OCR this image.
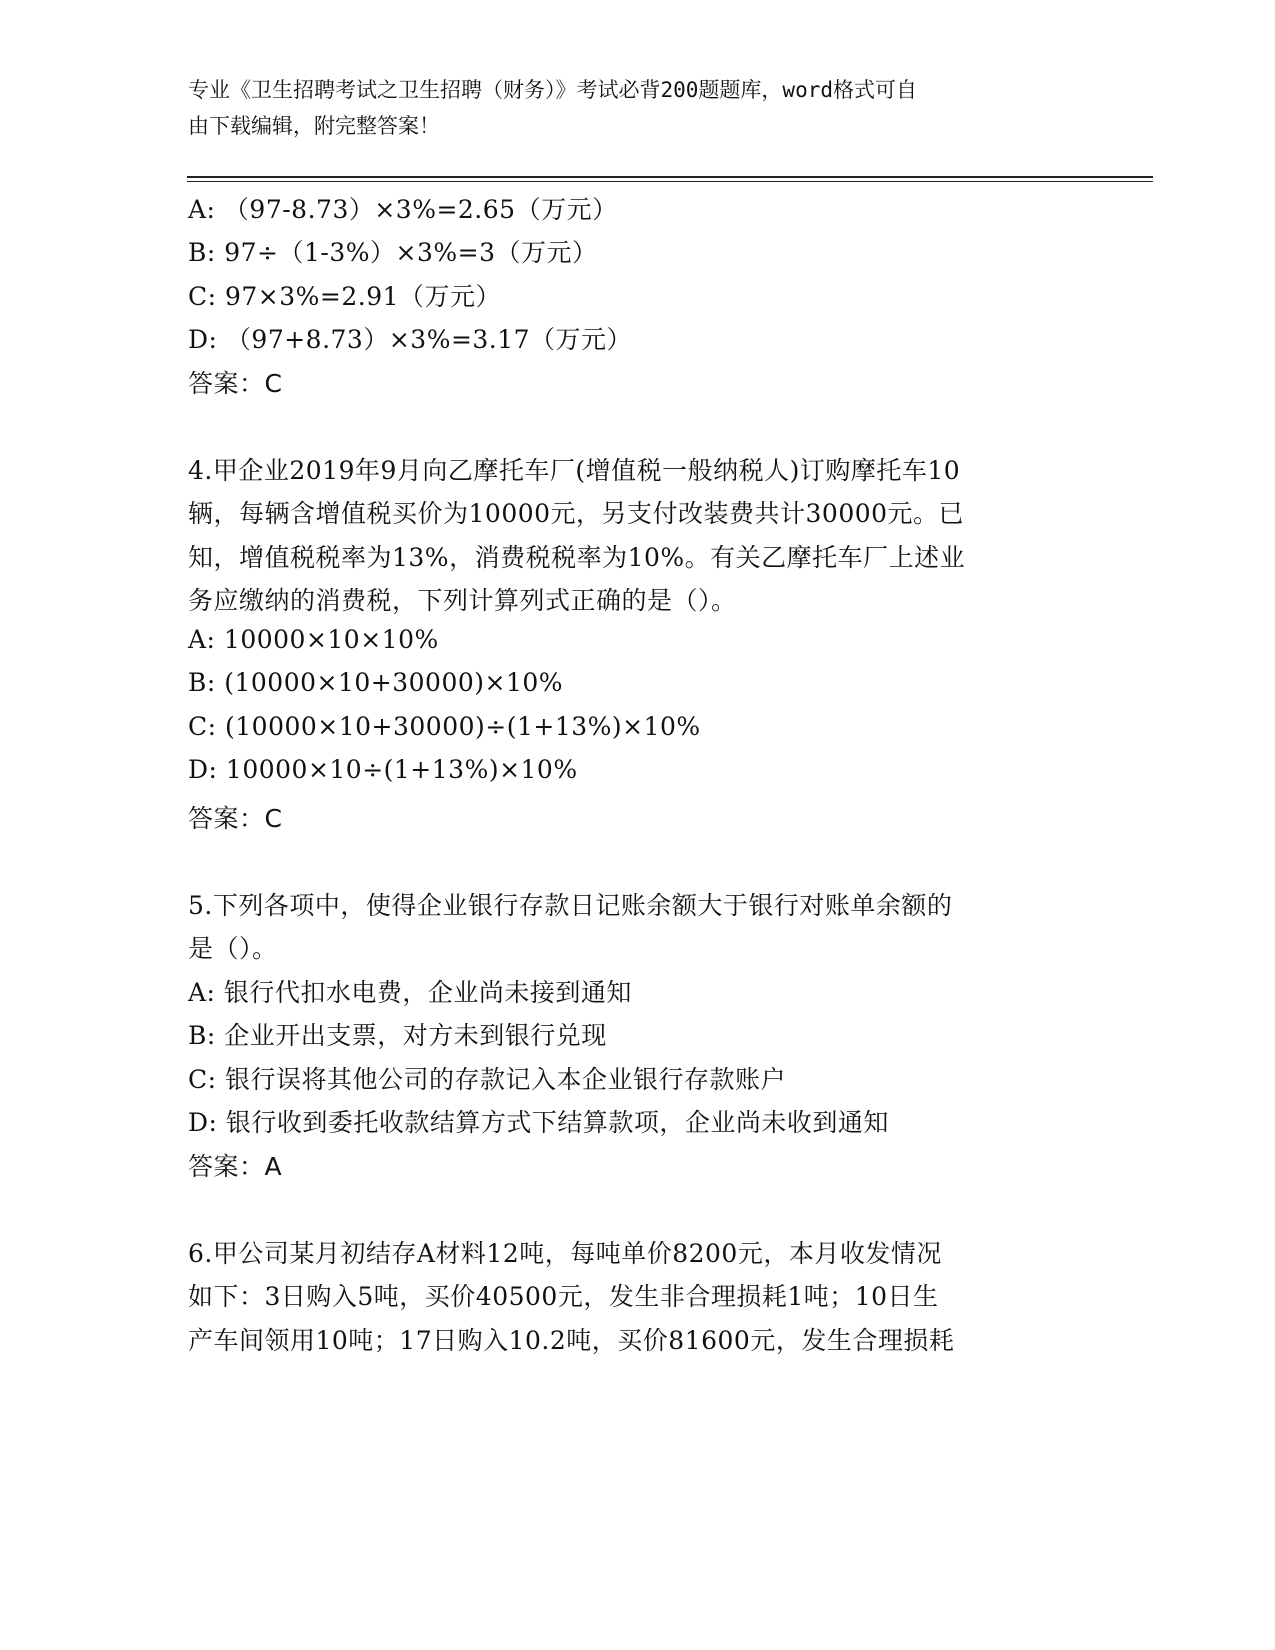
专业《卫生招聘考试之卫生招聘（财务）》考试必背200题题库，word格式可自
由下载编辑，附完整答案！
A: （97-8.73）×3%=2.65（万元）
B: 97÷（1-3%）×3%=3（万元）
C: 97×3%=2.91（万元）
D: （97+8.73）×3%=3.17（万元）
答案：C
4.甲企业2019年9月向乙摩托车厂(增值税一般纳税人)订购摩托车10
辆，每辆含增值税买价为10000元，另支付改装费共计30000元。已
知，增值税税率为13%，消费税税率为10%。有关乙摩托车厂上述业
务应缴纳的消费税，下列计算列式正确的是（）。
A: 10000×10×10%
B: (10000×10+30000)×10%
C: (10000×10+30000)÷(1+13%)×10%
D: 10000×10÷(1+13%)×10%
答案：C
5.下列各项中，使得企业银行存款日记账余额大于银行对账单余额的
是（）。
A: 银行代扣水电费，企业尚未接到通知
B: 企业开出支票，对方未到银行兑现
C: 银行误将其他公司的存款记入本企业银行存款账户
D: 银行收到委托收款结算方式下结算款项，企业尚未收到通知
答案：A
6.甲公司某月初结存A材料12吨，每吨单价8200元，本月收发情况
如下：3日购入5吨，买价40500元，发生非合理损耗1吨；10日生
产车间领用10吨；17日购入10.2吨，买价81600元，发生合理损耗
